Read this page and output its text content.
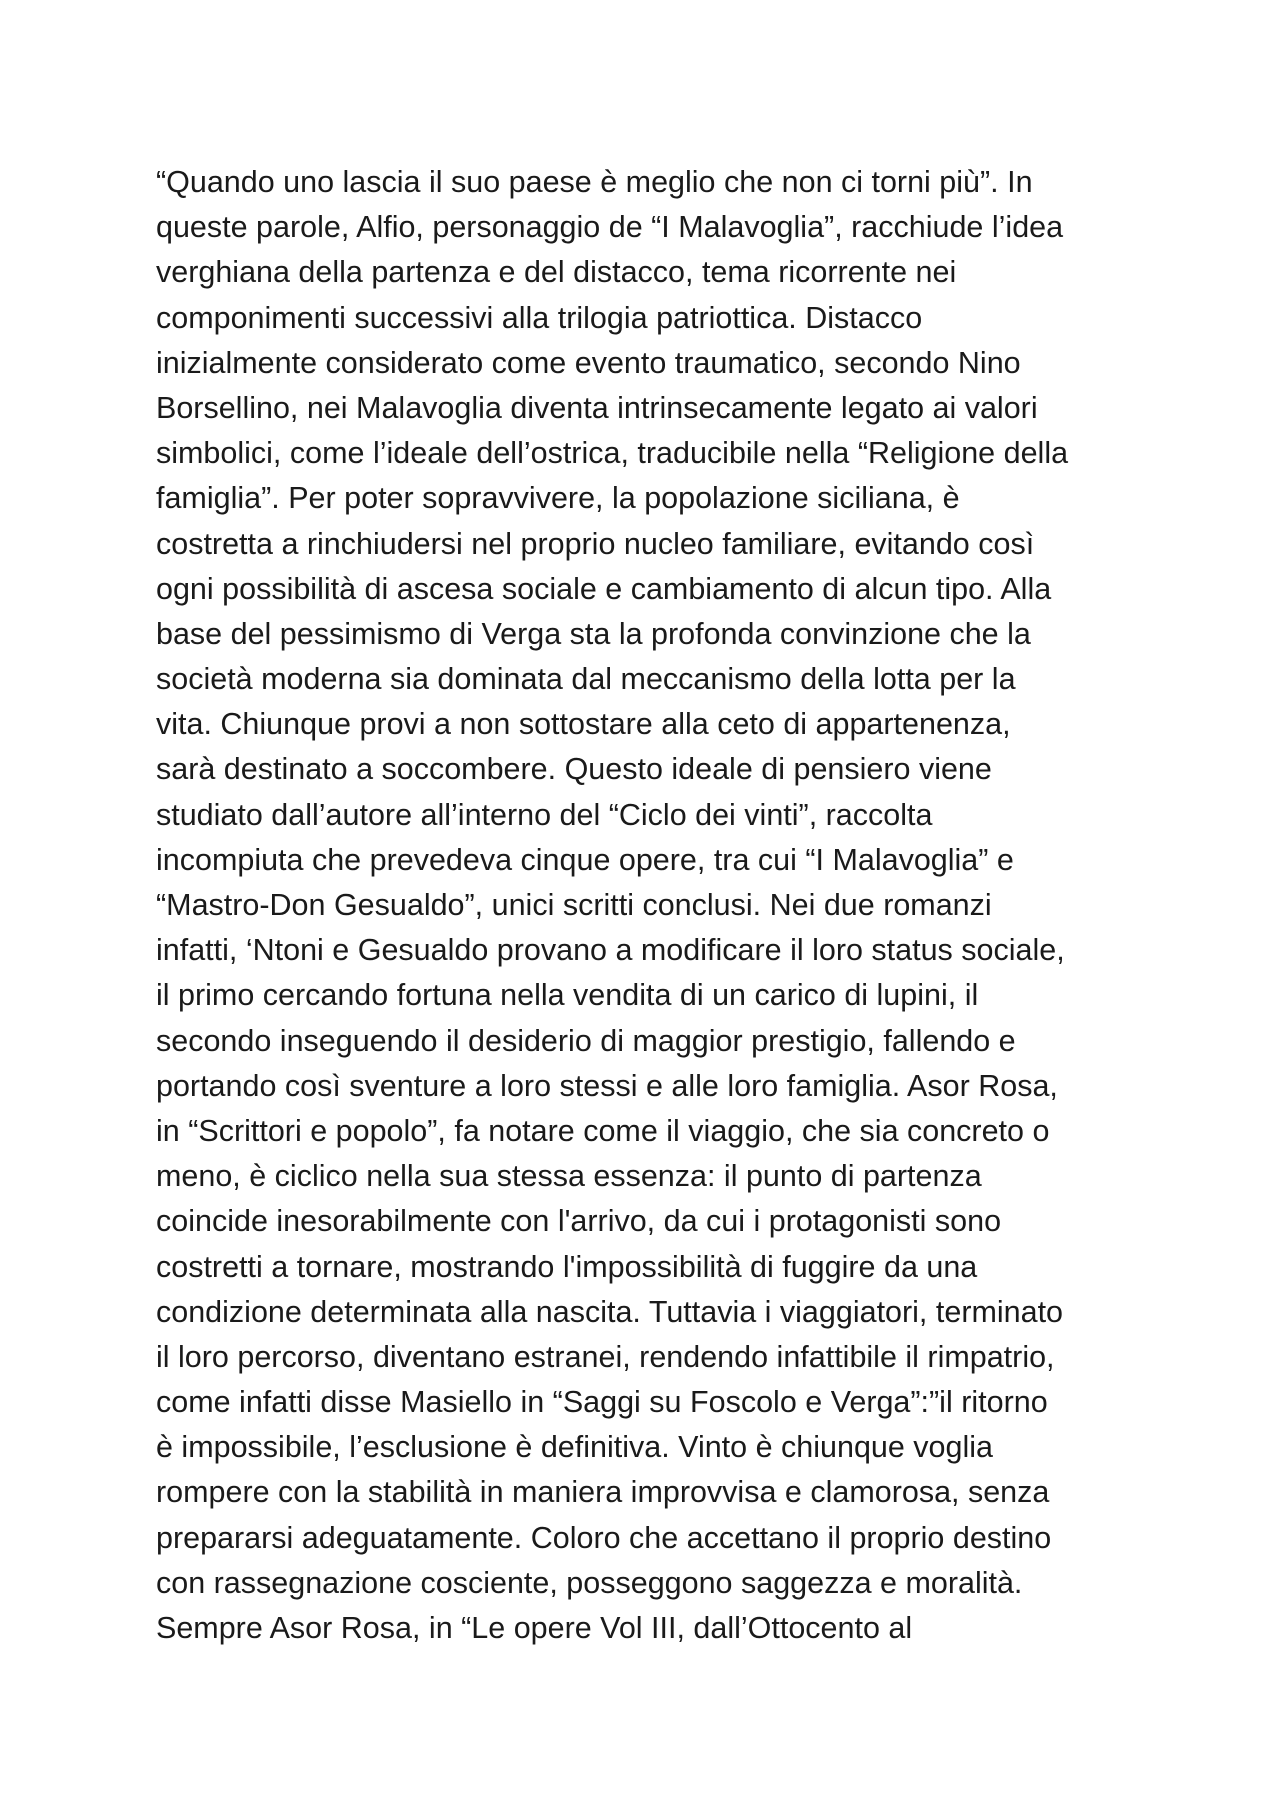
“Quando uno lascia il suo paese è meglio che non ci torni più”. In
queste parole, Alfio, personaggio de “I Malavoglia”, racchiude l’idea
verghiana della partenza e del distacco, tema ricorrente nei
componimenti successivi alla trilogia patriottica. Distacco
inizialmente considerato come evento traumatico, secondo Nino
Borsellino, nei Malavoglia diventa intrinsecamente legato ai valori
simbolici, come l’ideale dell’ostrica, traducibile nella “Religione della
famiglia”. Per poter sopravvivere, la popolazione siciliana, è
costretta a rinchiudersi nel proprio nucleo familiare, evitando così
ogni possibilità di ascesa sociale e cambiamento di alcun tipo. Alla
base del pessimismo di Verga sta la profonda convinzione che la
società moderna sia dominata dal meccanismo della lotta per la
vita. Chiunque provi a non sottostare alla ceto di appartenenza,
sarà destinato a soccombere. Questo ideale di pensiero viene
studiato dall’autore all’interno del “Ciclo dei vinti”, raccolta
incompiuta che prevedeva cinque opere, tra cui “I Malavoglia” e
“Mastro-Don Gesualdo”, unici scritti conclusi. Nei due romanzi
infatti, ‘Ntoni e Gesualdo provano a modificare il loro status sociale,
il primo cercando fortuna nella vendita di un carico di lupini, il
secondo inseguendo il desiderio di maggior prestigio, fallendo e
portando così sventure a loro stessi e alle loro famiglia. Asor Rosa,
in “Scrittori e popolo”, fa notare come il viaggio, che sia concreto o
meno, è ciclico nella sua stessa essenza: il punto di partenza
coincide inesorabilmente con l'arrivo, da cui i protagonisti sono
costretti a tornare, mostrando l'impossibilità di fuggire da una
condizione determinata alla nascita. Tuttavia i viaggiatori, terminato
il loro percorso, diventano estranei, rendendo infattibile il rimpatrio,
come infatti disse Masiello in “Saggi su Foscolo e Verga”:”il ritorno
è impossibile, l’esclusione è definitiva. Vinto è chiunque voglia
rompere con la stabilità in maniera improvvisa e clamorosa, senza
prepararsi adeguatamente. Coloro che accettano il proprio destino
con rassegnazione cosciente, posseggono saggezza e moralità.
Sempre Asor Rosa, in “Le opere Vol III, dall’Ottocento al
